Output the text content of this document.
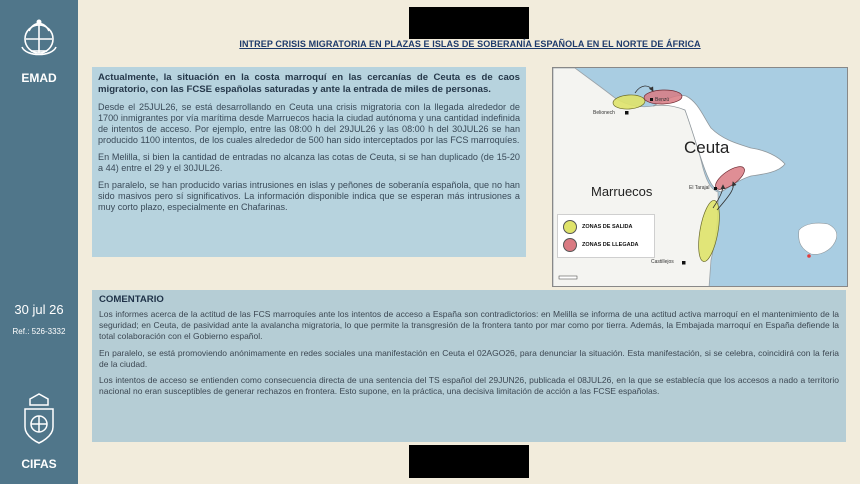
EMAD
30 jul 26
Ref.: 526-3332
CIFAS
INTREP CRISIS MIGRATORIA EN PLAZAS E ISLAS DE SOBERANÍA ESPAÑOLA EN EL NORTE DE ÁFRICA

Actualmente, la situación en la costa marroquí en las cercanías de Ceuta es de caos migratorio, con las FCSE españolas saturadas y ante la entrada de miles de personas.

Desde el 25JUL26, se está desarrollando en Ceuta una crisis migratoria con la llegada alrededor de 1700 inmigrantes por vía marítima desde Marruecos hacia la ciudad autónoma y una cantidad indefinida de intentos de acceso. Por ejemplo, entre las 08:00 h del 29JUL26 y las 08:00 h del 30JUL26 se han producido 1100 intentos, de los cuales alrededor de 500 han sido interceptados por las FCS marroquíes.

En Melilla, si bien la cantidad de entradas no alcanza las cotas de Ceuta, si se han duplicado (de 15-20 a 44) entre el 29 y el 30JUL26.

En paralelo, se han producido varias intrusiones en islas y peñones de soberanía española, que no han sido masivos pero sí significativos. La información disponible indica que se esperan más intrusiones a muy corto plazo, especialmente en Chafarinas.

Ceuta
Marruecos
Belionech
Benzú
El Tarajal
Castillejos
ZONAS DE SALIDA
ZONAS DE LLEGADA

COMENTARIO

Los informes acerca de la actitud de las FCS marroquíes ante los intentos de acceso a España son contradictorios: en Melilla se informa de una actitud activa marroquí en el mantenimiento de la seguridad; en Ceuta, de pasividad ante la avalancha migratoria, lo que permite la transgresión de la frontera tanto por mar como por tierra. Además, la Embajada marroquí en España defiende la total colaboración con el Gobierno español.

En paralelo, se está promoviendo anónimamente en redes sociales una manifestación en Ceuta el 02AGO26, para denunciar la situación. Esta manifestación, si se celebra, coincidirá con la feria de la ciudad.

Los intentos de acceso se entienden como consecuencia directa de una sentencia del TS español del 29JUN26, publicada el 08JUL26, en la que se establecía que los accesos a nado a territorio nacional no eran susceptibles de generar rechazos en frontera. Esto supone, en la práctica, una decisiva limitación de acción a las FCSE españolas.
